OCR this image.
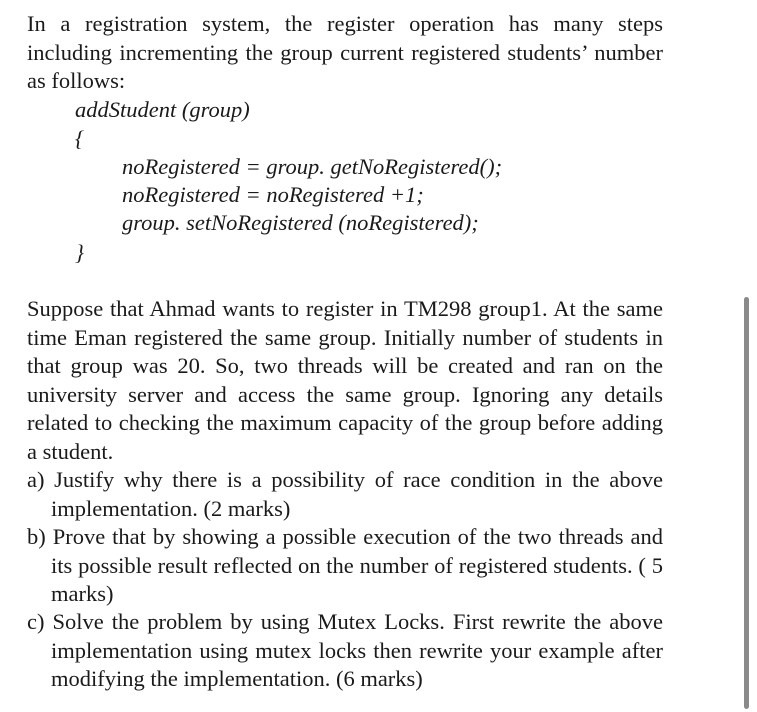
In a registration system, the register operation has many steps including incrementing the group current registered students’ number as follows:
addStudent (group)
{
noRegistered = group. getNoRegistered();
noRegistered = noRegistered +1;
group. setNoRegistered (noRegistered);
}
Suppose that Ahmad wants to register in TM298 group1. At the same time Eman registered the same group. Initially number of students in that group was 20. So, two threads will be created and ran on the university server and access the same group. Ignoring any details related to checking the maximum capacity of the group before adding a student.
a) Justify why there is a possibility of race condition in the above implementation. (2 marks)
b) Prove that by showing a possible execution of the two threads and its possible result reflected on the number of registered students. ( 5 marks)
c) Solve the problem by using Mutex Locks. First rewrite the above implementation using mutex locks then rewrite your example after modifying the implementation. (6 marks)
